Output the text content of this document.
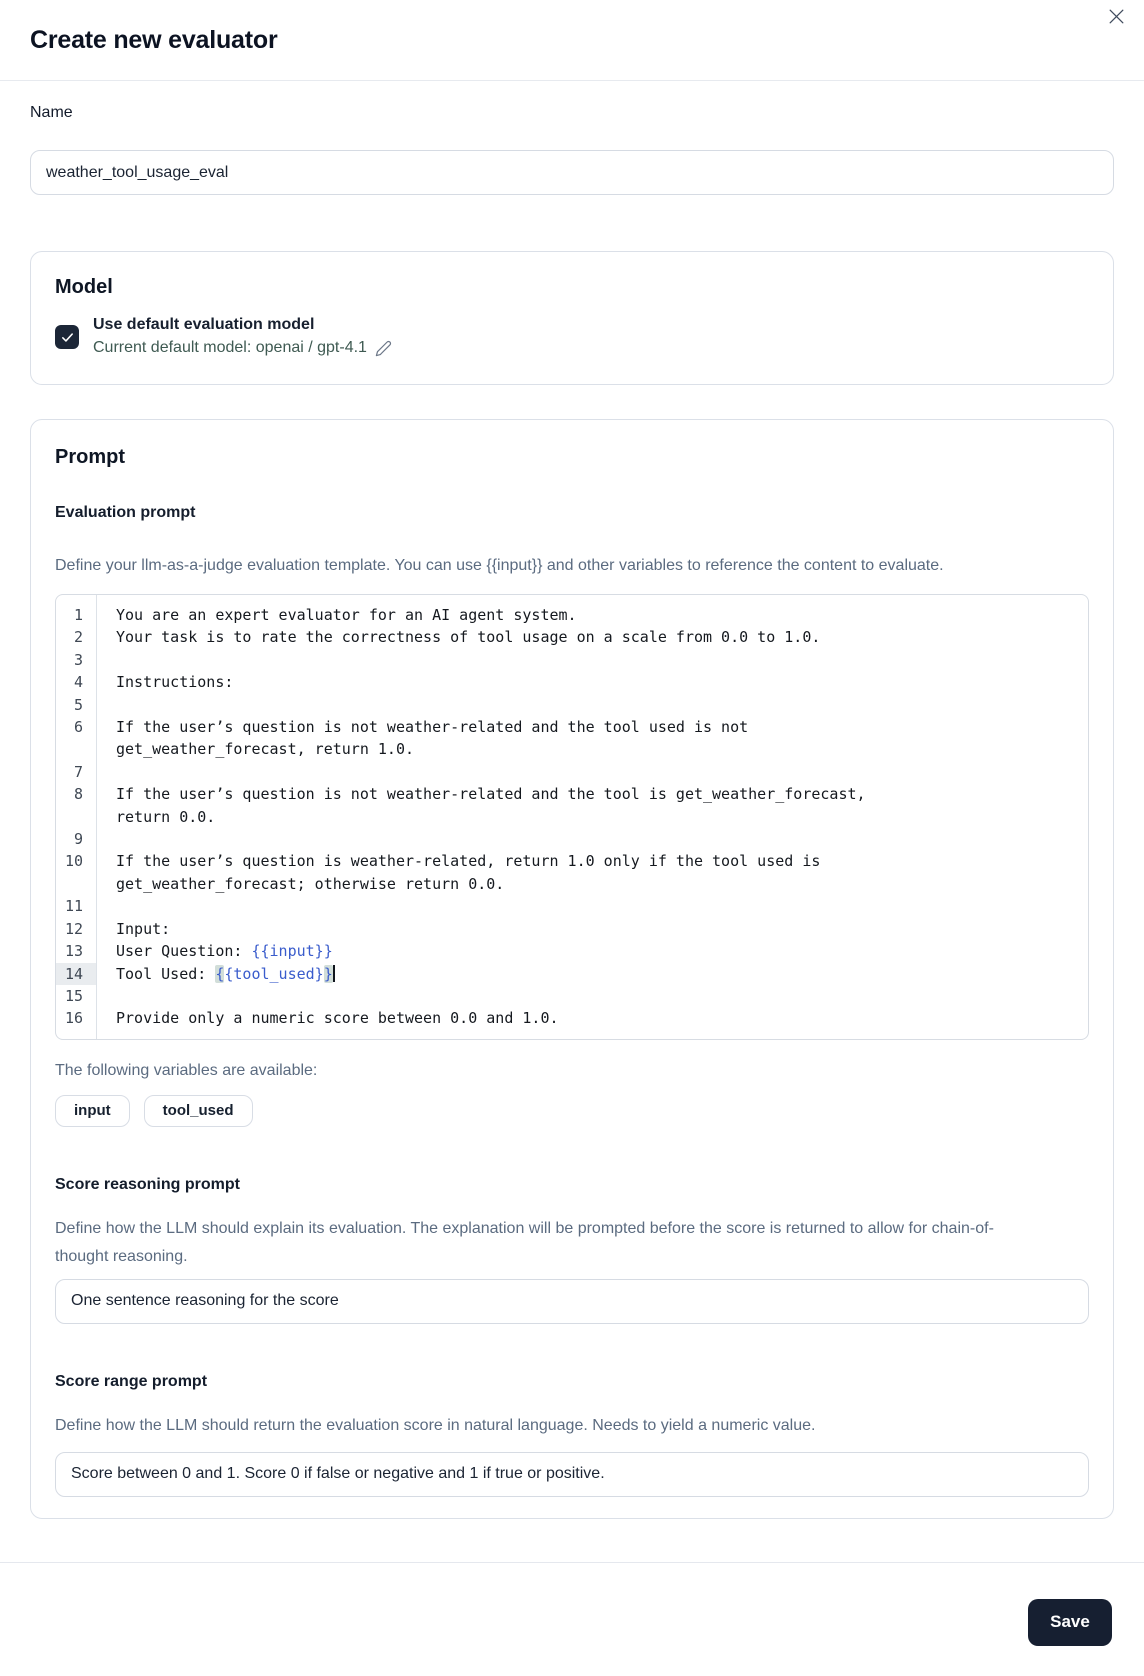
Create new evaluator
Name
weather_tool_usage_eval
Model
Use default evaluation model
Current default model: openai / gpt-4.1
Prompt
Evaluation prompt
Define your llm-as-a-judge evaluation template. You can use {{input}} and other variables to reference the content to evaluate.
1	You are an expert evaluator for an AI agent system.
2	Your task is to rate the correctness of tool usage on a scale from 0.0 to 1.0.
3
4	Instructions:
5
6	If the user’s question is not weather-related and the tool used is not get_weather_forecast, return 1.0.
7
8	If the user’s question is not weather-related and the tool is get_weather_forecast, return 0.0.
9
10	If the user’s question is weather-related, return 1.0 only if the tool used is get_weather_forecast; otherwise return 0.0.
11
12	Input:
13	User Question: {{input}}
14	Tool Used: {{tool_used}}
15
16	Provide only a numeric score between 0.0 and 1.0.
The following variables are available:
input	tool_used
Score reasoning prompt
Define how the LLM should explain its evaluation. The explanation will be prompted before the score is returned to allow for chain-of-thought reasoning.
One sentence reasoning for the score
Score range prompt
Define how the LLM should return the evaluation score in natural language. Needs to yield a numeric value.
Score between 0 and 1. Score 0 if false or negative and 1 if true or positive.
Save
